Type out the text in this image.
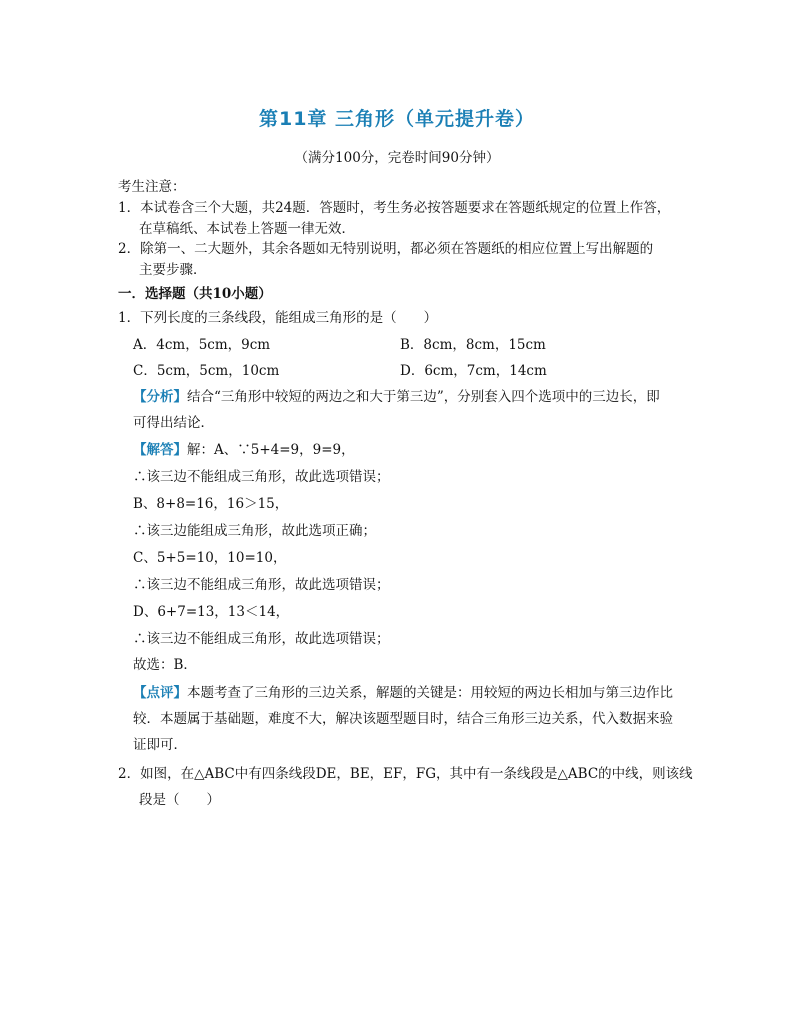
第11章 三角形（单元提升卷）
（满分100分，完卷时间90分钟）
考生注意：
1．本试卷含三个大题，共24题．答题时，考生务必按答题要求在答题纸规定的位置上作答，
在草稿纸、本试卷上答题一律无效．
2．除第一、二大题外，其余各题如无特别说明，都必须在答题纸的相应位置上写出解题的
主要步骤．
一．选择题（共10小题）
1．下列长度的三条线段，能组成三角形的是（　　）
A．4cm，5cm，9cm	B．8cm，8cm，15cm
C．5cm，5cm，10cm	D．6cm，7cm，14cm
【分析】结合“三角形中较短的两边之和大于第三边”，分别套入四个选项中的三边长，即
可得出结论．
【解答】解：A、∵5+4=9，9=9，
∴该三边不能组成三角形，故此选项错误；
B、8+8=16，16＞15，
∴该三边能组成三角形，故此选项正确；
C、5+5=10，10=10，
∴该三边不能组成三角形，故此选项错误；
D、6+7=13，13＜14，
∴该三边不能组成三角形，故此选项错误；
故选：B．
【点评】本题考查了三角形的三边关系，解题的关键是：用较短的两边长相加与第三边作比
较．本题属于基础题，难度不大，解决该题型题目时，结合三角形三边关系，代入数据来验
证即可．
2．如图，在△ABC中有四条线段DE，BE，EF，FG，其中有一条线段是△ABC的中线，则该线
段是（　　）
